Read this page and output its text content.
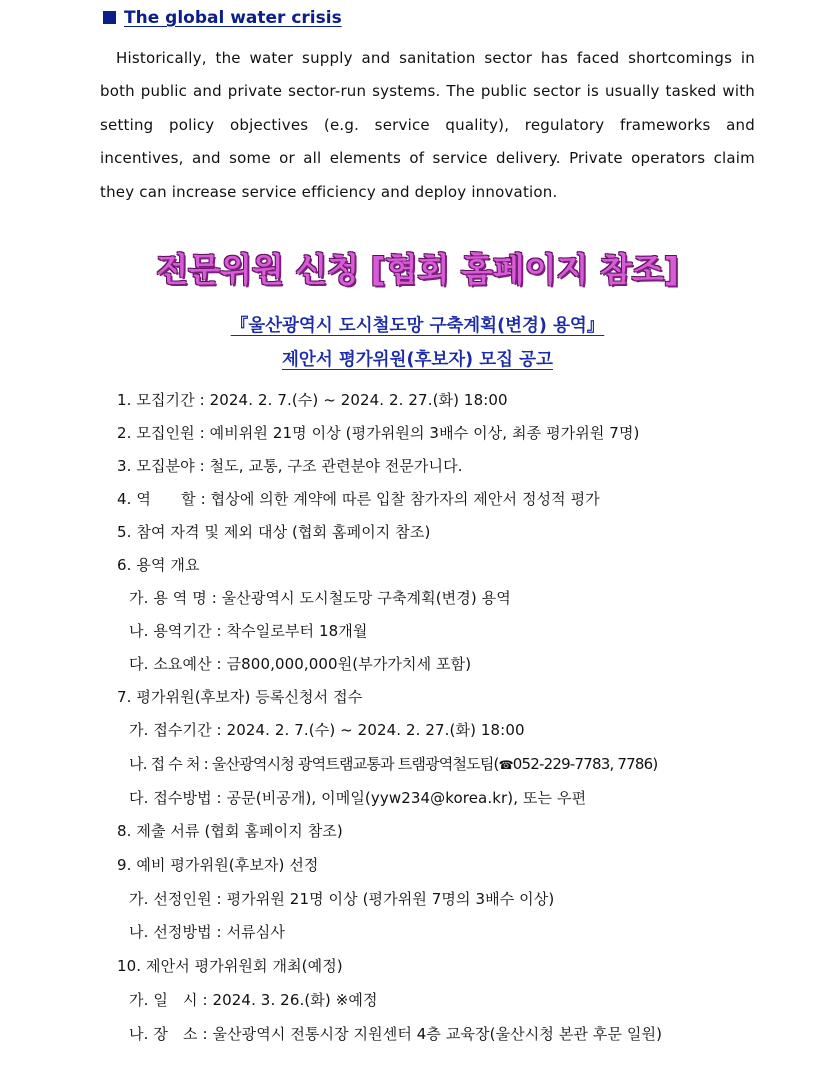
The global water crisis
Historically, the water supply and sanitation sector has faced shortcomings in both public and private sector-run systems. The public sector is usually tasked with setting policy objectives (e.g. service quality), regulatory frameworks and incentives, and some or all elements of service delivery. Private operators claim they can increase service efficiency and deploy innovation.
전문위원 신청 [협회 홈페이지 참조]
『울산광역시 도시철도망 구축계획(변경) 용역』
제안서 평가위원(후보자) 모집 공고
1. 모집기간 : 2024. 2. 7.(수) ~ 2024. 2. 27.(화) 18:00
2. 모집인원 : 예비위원 21명 이상 (평가위원의 3배수 이상, 최종 평가위원 7명)
3. 모집분야 : 철도, 교통, 구조 관련분야 전문가니다.
4. 역　　할 : 협상에 의한 계약에 따른 입찰 참가자의 제안서 정성적 평가
5. 참여 자격 및 제외 대상 (협회 홈페이지 참조)
6. 용역 개요
가. 용 역 명 : 울산광역시 도시철도망 구축계획(변경) 용역
나. 용역기간 : 착수일로부터 18개월
다. 소요예산 : 금800,000,000원(부가가치세 포함)
7. 평가위원(후보자) 등록신청서 접수
가. 접수기간 : 2024. 2. 7.(수) ~ 2024. 2. 27.(화) 18:00
나. 접 수 처 : 울산광역시청 광역트램교통과 트램광역철도팀(☎052-229-7783, 7786)
다. 접수방법 : 공문(비공개), 이메일(yyw234@korea.kr), 또는 우편
8. 제출 서류 (협회 홈페이지 참조)
9. 예비 평가위원(후보자) 선정
가. 선정인원 : 평가위원 21명 이상 (평가위원 7명의 3배수 이상)
나. 선정방법 : 서류심사
10. 제안서 평가위원회 개최(예정)
가. 일　시 : 2024. 3. 26.(화) ※예정
나. 장　소 : 울산광역시 전통시장 지원센터 4층 교육장(울산시청 본관 후문 일원)
